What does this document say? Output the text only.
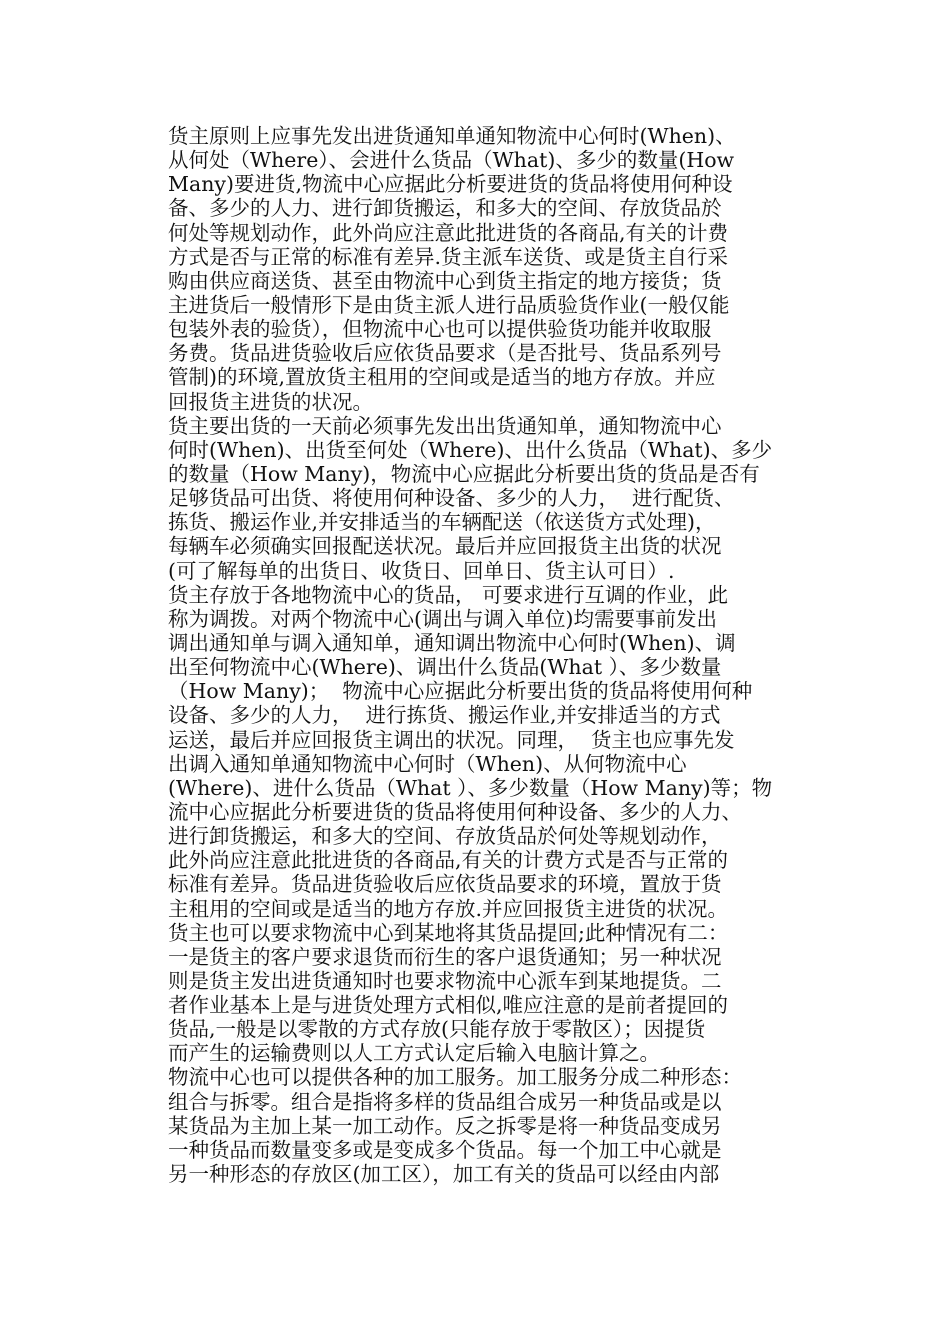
货主原则上应事先发出进货通知单通知物流中心何时(When)、
从何处（Where）、会进什么货品（What)、多少的数量(How
Many)要进货,物流中心应据此分析要进货的货品将使用何种设
备、多少的人力、进行卸货搬运，和多大的空间、存放货品於
何处等规划动作，此外尚应注意此批进货的各商品,有关的计费
方式是否与正常的标准有差异.货主派车送货、或是货主自行采
购由供应商送货、甚至由物流中心到货主指定的地方接货；货
主进货后一般情形下是由货主派人进行品质验货作业(一般仅能
包装外表的验货），但物流中心也可以提供验货功能并收取服
务费。货品进货验收后应依货品要求（是否批号、货品系列号
管制)的环境,置放货主租用的空间或是适当的地方存放。并应
回报货主进货的状况。
货主要出货的一天前必须事先发出出货通知单，通知物流中心
何时(When)、出货至何处（Where)、出什么货品（What)、多少
的数量（How Many)，物流中心应据此分析要出货的货品是否有
足够货品可出货、将使用何种设备、多少的人力，  进行配货、
拣货、搬运作业,并安排适当的车辆配送（依送货方式处理)，
每辆车必须确实回报配送状况。最后并应回报货主出货的状况
(可了解每单的出货日、收货日、回单日、货主认可日）.
货主存放于各地物流中心的货品， 可要求进行互调的作业，此
称为调拨。对两个物流中心(调出与调入单位)均需要事前发出
调出通知单与调入通知单，通知调出物流中心何时(When)、调
出至何物流中心(Where)、调出什么货品(What ）、多少数量
（How Many)；  物流中心应据此分析要出货的货品将使用何种
设备、多少的人力，  进行拣货、搬运作业,并安排适当的方式
运送，最后并应回报货主调出的状况。同理，  货主也应事先发
出调入通知单通知物流中心何时（When)、从何物流中心
(Where)、进什么货品（What ）、多少数量（How Many)等；物
流中心应据此分析要进货的货品将使用何种设备、多少的人力、
进行卸货搬运，和多大的空间、存放货品於何处等规划动作，
此外尚应注意此批进货的各商品,有关的计费方式是否与正常的
标准有差异。货品进货验收后应依货品要求的环境，置放于货
主租用的空间或是适当的地方存放.并应回报货主进货的状况。
货主也可以要求物流中心到某地将其货品提回;此种情况有二：
一是货主的客户要求退货而衍生的客户退货通知；另一种状况
则是货主发出进货通知时也要求物流中心派车到某地提货。二
者作业基本上是与进货处理方式相似,唯应注意的是前者提回的
货品,一般是以零散的方式存放(只能存放于零散区）；因提货
而产生的运输费则以人工方式认定后输入电脑计算之。
物流中心也可以提供各种的加工服务。加工服务分成二种形态：
组合与拆零。组合是指将多样的货品组合成另一种货品或是以
某货品为主加上某一加工动作。反之拆零是将一种货品变成另
一种货品而数量变多或是变成多个货品。每一个加工中心就是
另一种形态的存放区(加工区），加工有关的货品可以经由内部
